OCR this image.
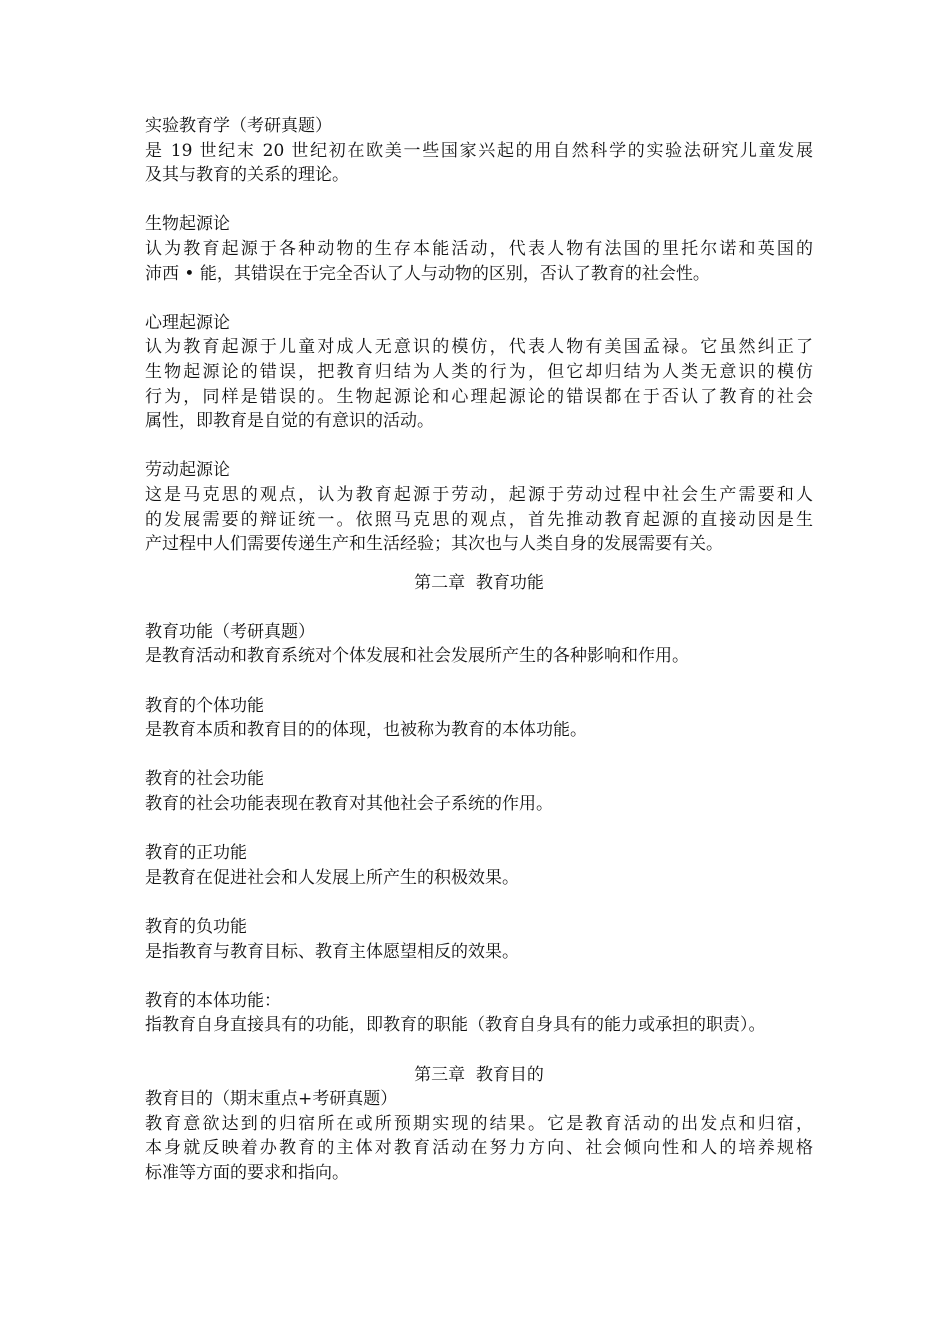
实验教育学（考研真题）
是 19 世纪末 20 世纪初在欧美一些国家兴起的用自然科学的实验法研究儿童发展
及其与教育的关系的理论。
生物起源论
认为教育起源于各种动物的生存本能活动，代表人物有法国的里托尔诺和英国的
沛西 • 能，其错误在于完全否认了人与动物的区别，否认了教育的社会性。
心理起源论
认为教育起源于儿童对成人无意识的模仿，代表人物有美国孟禄。它虽然纠正了
生物起源论的错误，把教育归结为人类的行为，但它却归结为人类无意识的模仿
行为，同样是错误的。生物起源论和心理起源论的错误都在于否认了教育的社会
属性，即教育是自觉的有意识的活动。
劳动起源论
这是马克思的观点，认为教育起源于劳动，起源于劳动过程中社会生产需要和人
的发展需要的辩证统一。依照马克思的观点，首先推动教育起源的直接动因是生
产过程中人们需要传递生产和生活经验；其次也与人类自身的发展需要有关。
第二章  教育功能
教育功能（考研真题）
是教育活动和教育系统对个体发展和社会发展所产生的各种影响和作用。
教育的个体功能
是教育本质和教育目的的体现，也被称为教育的本体功能。
教育的社会功能
教育的社会功能表现在教育对其他社会子系统的作用。
教育的正功能
是教育在促进社会和人发展上所产生的积极效果。
教育的负功能
是指教育与教育目标、教育主体愿望相反的效果。
教育的本体功能：
指教育自身直接具有的功能，即教育的职能（教育自身具有的能力或承担的职责）。
第三章  教育目的
教育目的（期末重点+考研真题）
教育意欲达到的归宿所在或所预期实现的结果。它是教育活动的出发点和归宿，
本身就反映着办教育的主体对教育活动在努力方向、社会倾向性和人的培养规格
标准等方面的要求和指向。
